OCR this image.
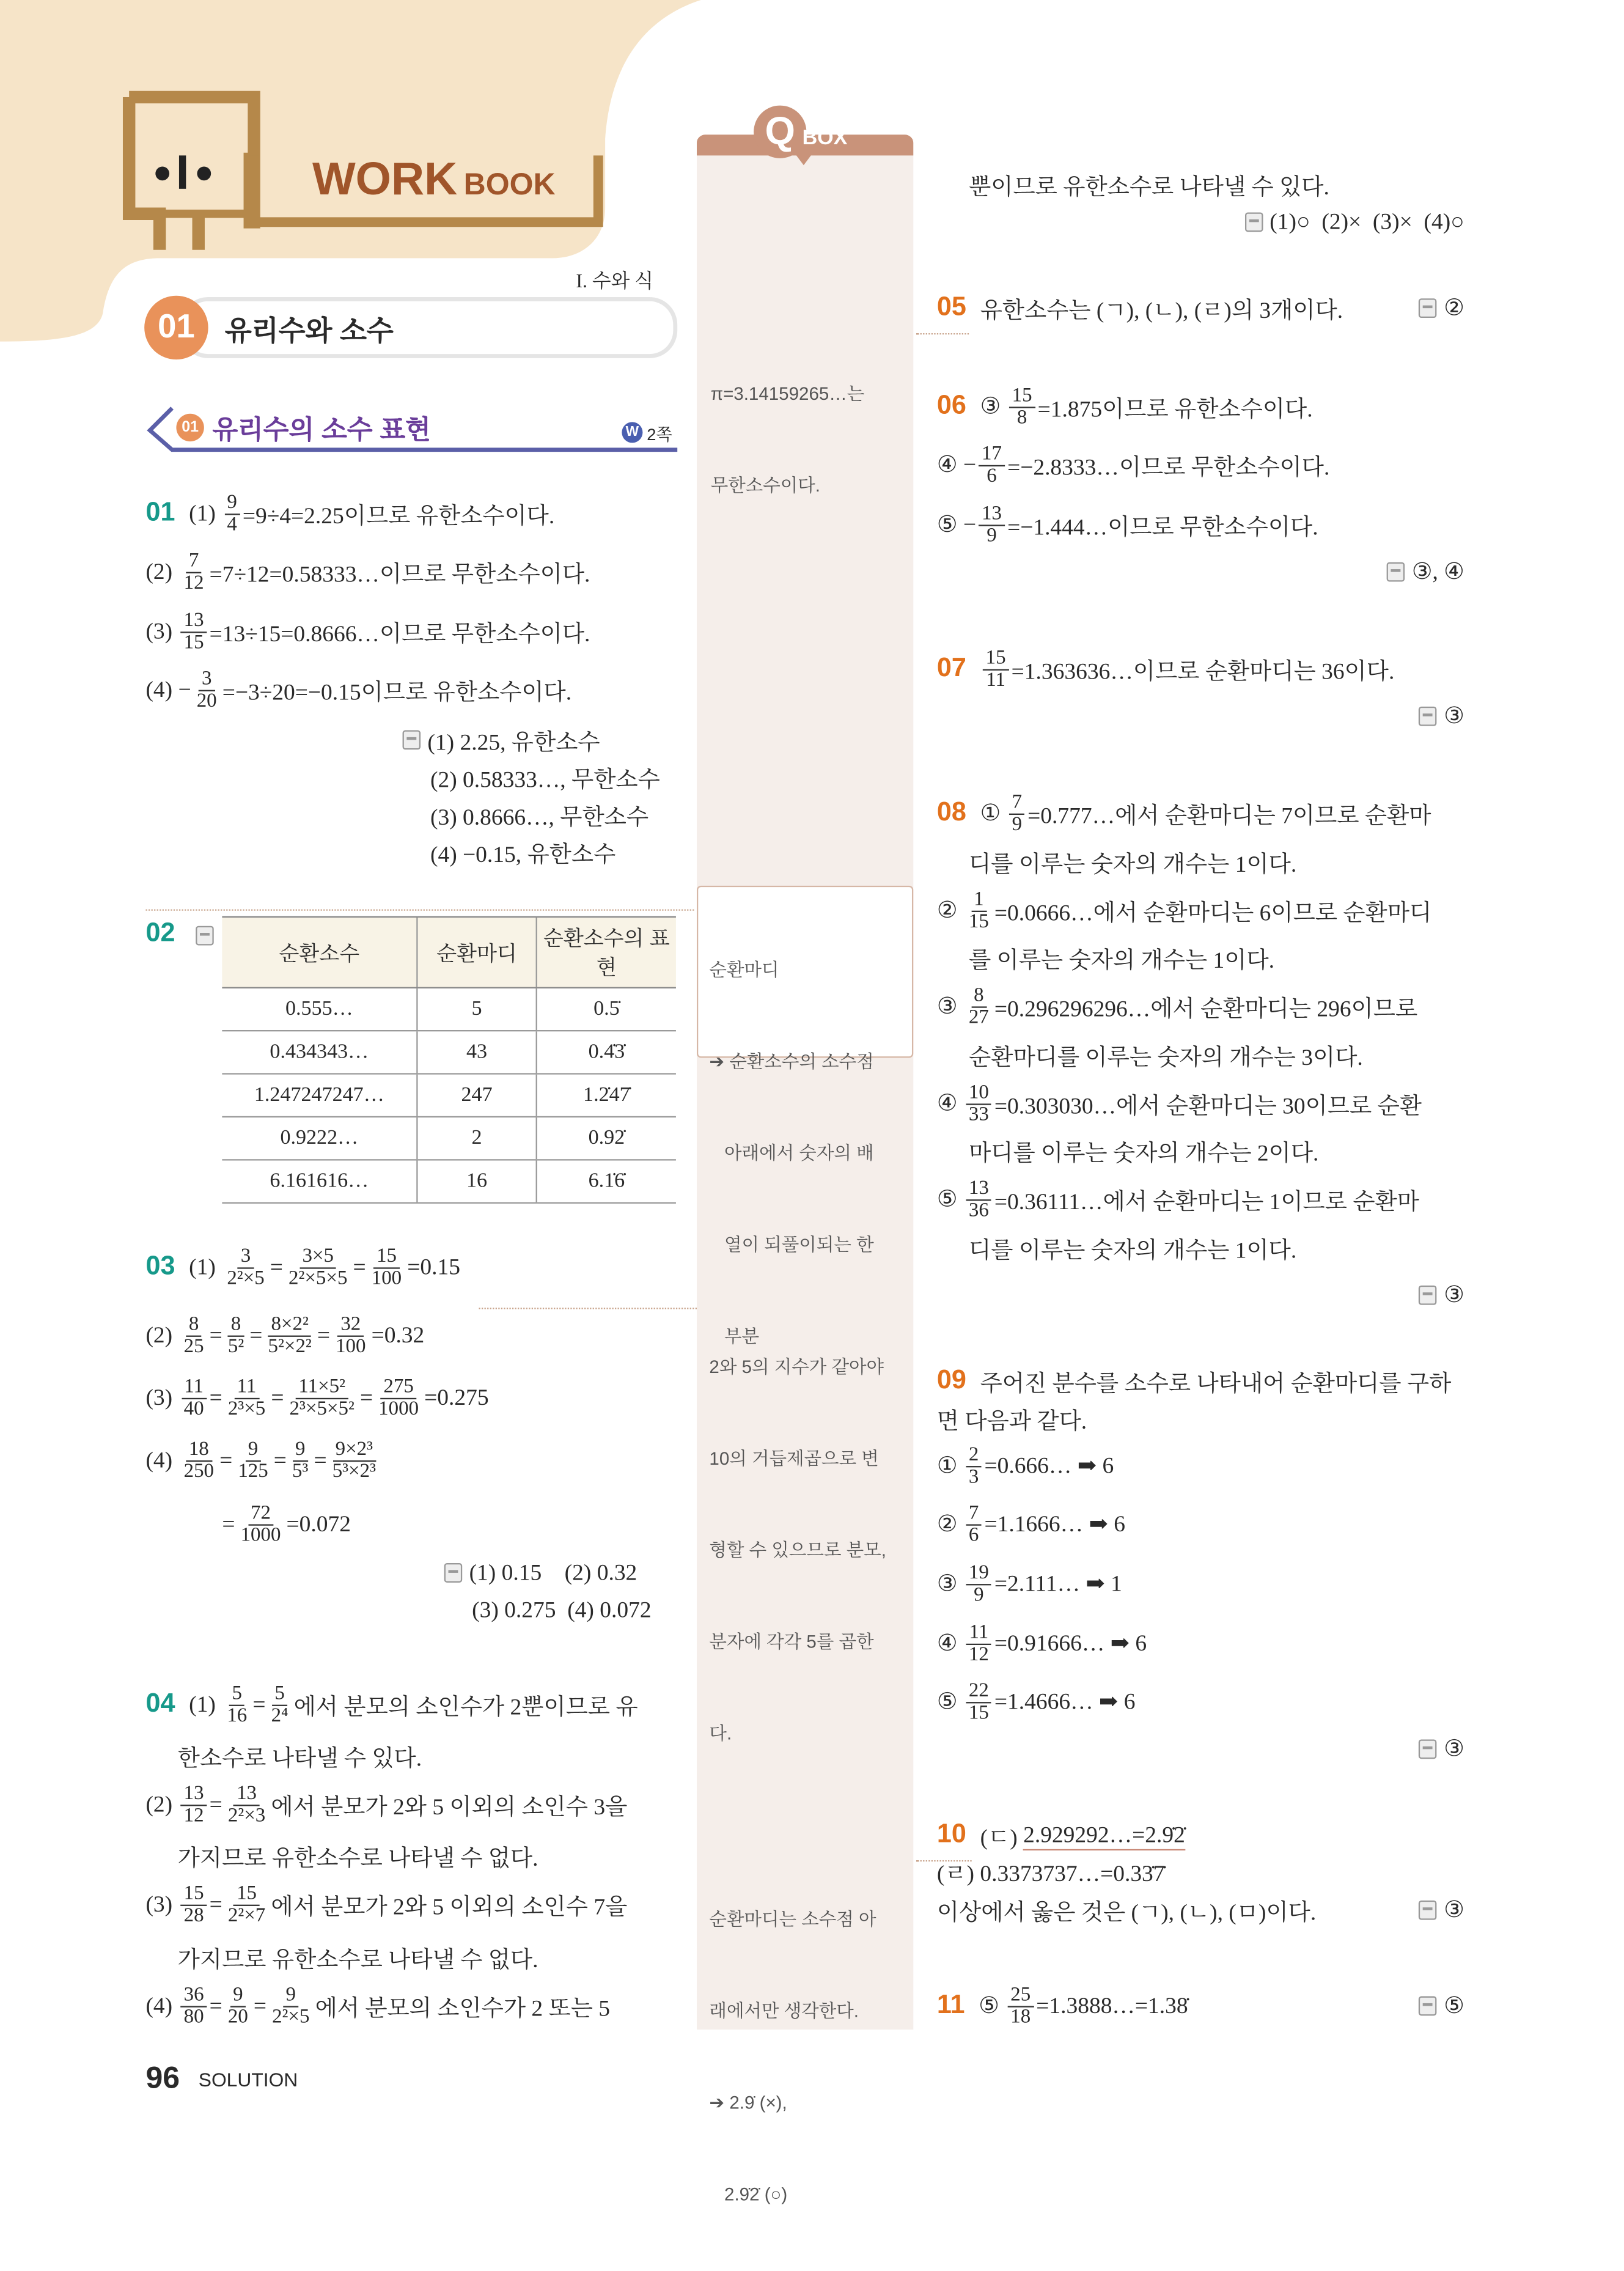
WORK BOOK
Q BOX
I. 수와 식
01	유리수와 소수
01	유리수의 소수 표현	W	2쪽

π=3.14159265…는

무한소수이다.

순환마디

➔ 순환소수의 소수점

아래에서 숫자의 배

열이 되풀이되는 한

부분

2와 5의 지수가 같아야

10의 거듭제곱으로 변

형할 수 있으므로 분모,

분자에 각각 5를 곱한

다.

순환마디는 소수점 아

래에서만 생각한다.

➔ 2.9̇ (×),

2.9̇2̇ (○)

02
순환소수	순환마디	순환소수의 표현
0.555…	5	0.5̇
0.434343…	43	0.4̇3̇
1.247247247…	247	1.2̇47̇
0.9222…	2	0.92̇
6.161616…	16	6.1̇6̇
01 $(1) \frac{9}{4} =9\div 4=2.25$이므로 유한소수이다.
$(2) \frac{7}{12}$ =7÷12=0.58333…이므로 무한소수이다.
$(3) \frac{13}{15}$ =13÷15=0.8666…이므로 무한소수이다.
$(4) - \frac{3}{20} =-3\div 20=-0.15$이므로 유한소수이다.
(1) 2.25, 유한소수
(2) 0.58333…, 무한소수
(3) 0.8666…, 무한소수
(4) −0.15, 유한소수
03 $(1) \frac{3}{\text{2²×5}} = \frac{3\times 5}{\text{2²×5×5}} = \frac{15}{100} =0.15$
$(2) \frac{8}{25} = \frac{8}{\text{5²}} = \frac{\text{8×2²}}{\text{5²×2²}} = \frac{32}{100} =0.32$
$(3) \frac{11}{40} = \frac{11}{\text{2³×5}} = \frac{\text{11×5²}}{\text{2³×5×5²}} = \frac{275}{1000} =0.275$
$(4) \frac{18}{250} = \frac{9}{125} = \frac{9}{\text{5³}} = \frac{\text{9×2³}}{\text{5³×2³}}$
= $\frac{72}{1000} =0.072$
(1) 0.15    (2) 0.32
(3) 0.275  (4) 0.072
04 $(1) \frac{5}{16} = \frac{5}{\text{2⁴}}$ 에서 분모의 소인수가 2뿐이므로 유
한소수로 나타낼 수 있다.
$(2) \frac{13}{12} = \frac{13}{\text{2²×3}}$ 에서 분모가 2와 5 이외의 소인수 3을
가지므로 유한소수로 나타낼 수 없다.
$(3) \frac{15}{28} = \frac{15}{\text{2²×7}}$ 에서 분모가 2와 5 이외의 소인수 7을
가지므로 유한소수로 나타낼 수 없다.
$(4) \frac{36}{80} = \frac{9}{20} = \frac{9}{\text{2²×5}}$ 에서 분모의 소인수가 2 또는 5
뿐이므로 유한소수로 나타낼 수 있다.
(1)○  (2)×  (3)×  (4)○
05 유한소수는 (ㄱ), (ㄴ), (ㄹ)의 3개이다.	②
06 ③ $\frac{15}{8} =1.875$이므로 유한소수이다.
④ − $\frac{17}{6}$ =−2.8333…이므로 무한소수이다.
⑤ − $\frac{13}{9}$ =−1.444…이므로 무한소수이다.
③, ④
$07 \frac{15}{11}$ =1.363636…이므로 순환마디는 36이다.
③
08 ① $\frac{7}{9}$ =0.777…에서 순환마디는 7이므로 순환마
디를 이루는 숫자의 개수는 1이다.
② $\frac{1}{15}$ =0.0666…에서 순환마디는 6이므로 순환마디
를 이루는 숫자의 개수는 1이다.
③ $\frac{8}{27}$ =0.296296296…에서 순환마디는 296이므로
순환마디를 이루는 숫자의 개수는 3이다.
④ $\frac{10}{33}$ =0.303030…에서 순환마디는 30이므로 순환
마디를 이루는 숫자의 개수는 2이다.
⑤ $\frac{13}{36}$ =0.36111…에서 순환마디는 1이므로 순환마
디를 이루는 숫자의 개수는 1이다.
③
09 주어진 분수를 소수로 나타내어 순환마디를 구하
면 다음과 같다.
① $\frac{2}{3}$ =0.666… ➡ 6
② $\frac{7}{6}$ =1.1666… ➡ 6
③ $\frac{19}{9}$ =2.111… ➡ 1
④ $\frac{11}{12}$ =0.91666… ➡ 6
⑤ $\frac{22}{15}$ =1.4666… ➡ 6
③
10 (ㄷ) 2.929292…=2.9̇2̇
(ㄹ) 0.3373737…=0.33̇7̇
이상에서 옳은 것은 (ㄱ), (ㄴ), (ㅁ)이다.	③
11 ⑤ $\frac{25}{18}$ =1.3888…=1.38̇	⑤
96 SOLUTION
